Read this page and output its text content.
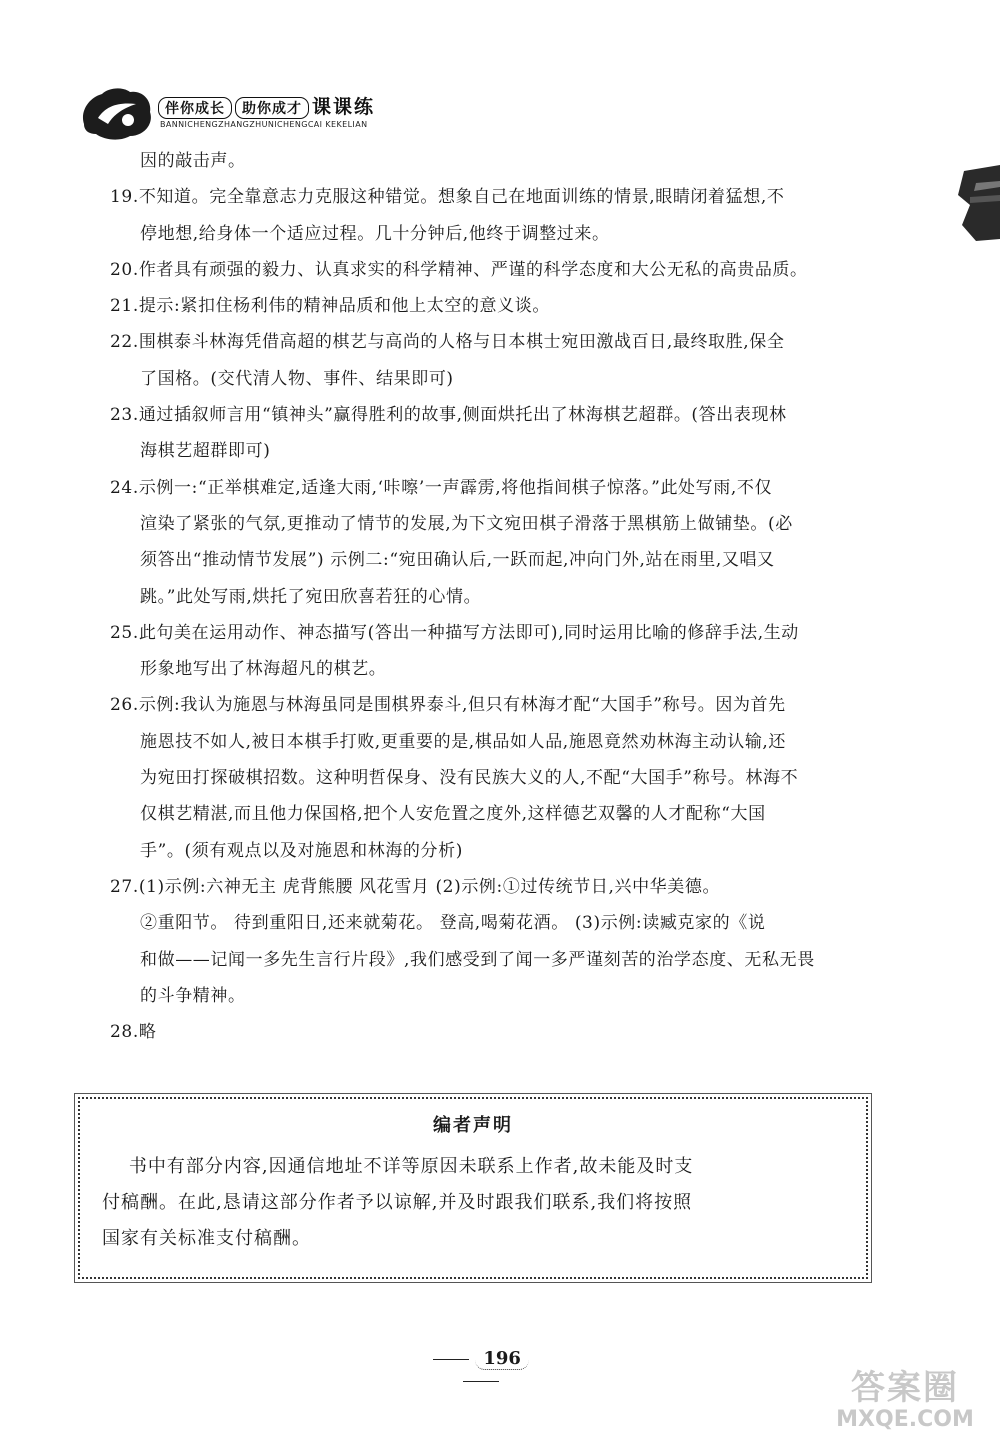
伴你成长 助你成才 课课练
BANNICHENGZHANGZHUNICHENGCAI KEKELIAN
因的敲击声。
19.不知道。完全靠意志力克服这种错觉。想象自己在地面训练的情景,眼睛闭着猛想,不
停地想,给身体一个适应过程。几十分钟后,他终于调整过来。
20.作者具有顽强的毅力、认真求实的科学精神、严谨的科学态度和大公无私的高贵品质。
21.提示:紧扣住杨利伟的精神品质和他上太空的意义谈。
22.围棋泰斗林海凭借高超的棋艺与高尚的人格与日本棋士宛田激战百日,最终取胜,保全
了国格。(交代清人物、事件、结果即可)
23.通过插叙师言用“镇神头”赢得胜利的故事,侧面烘托出了林海棋艺超群。(答出表现林
海棋艺超群即可)
24.示例一:“正举棋难定,适逢大雨,‘咔嚓’一声霹雳,将他指间棋子惊落。”此处写雨,不仅
渲染了紧张的气氛,更推动了情节的发展,为下文宛田棋子滑落于黑棋筋上做铺垫。(必
须答出“推动情节发展”) 示例二:“宛田确认后,一跃而起,冲向门外,站在雨里,又唱又
跳。”此处写雨,烘托了宛田欣喜若狂的心情。
25.此句美在运用动作、神态描写(答出一种描写方法即可),同时运用比喻的修辞手法,生动
形象地写出了林海超凡的棋艺。
26.示例:我认为施恩与林海虽同是围棋界泰斗,但只有林海才配“大国手”称号。因为首先
施恩技不如人,被日本棋手打败,更重要的是,棋品如人品,施恩竟然劝林海主动认输,还
为宛田打探破棋招数。这种明哲保身、没有民族大义的人,不配“大国手”称号。林海不
仅棋艺精湛,而且他力保国格,把个人安危置之度外,这样德艺双馨的人才配称“大国
手”。(须有观点以及对施恩和林海的分析)
27.(1)示例:六神无主 虎背熊腰 风花雪月 (2)示例:①过传统节日,兴中华美德。
②重阳节。 待到重阳日,还来就菊花。 登高,喝菊花酒。 (3)示例:读臧克家的《说
和做——记闻一多先生言行片段》,我们感受到了闻一多严谨刻苦的治学态度、无私无畏
的斗争精神。
28.略
编者声明
书中有部分内容,因通信地址不详等原因未联系上作者,故未能及时支
付稿酬。在此,恳请这部分作者予以谅解,并及时跟我们联系,我们将按照
国家有关标准支付稿酬。
196
答案圈
MXQE.COM
